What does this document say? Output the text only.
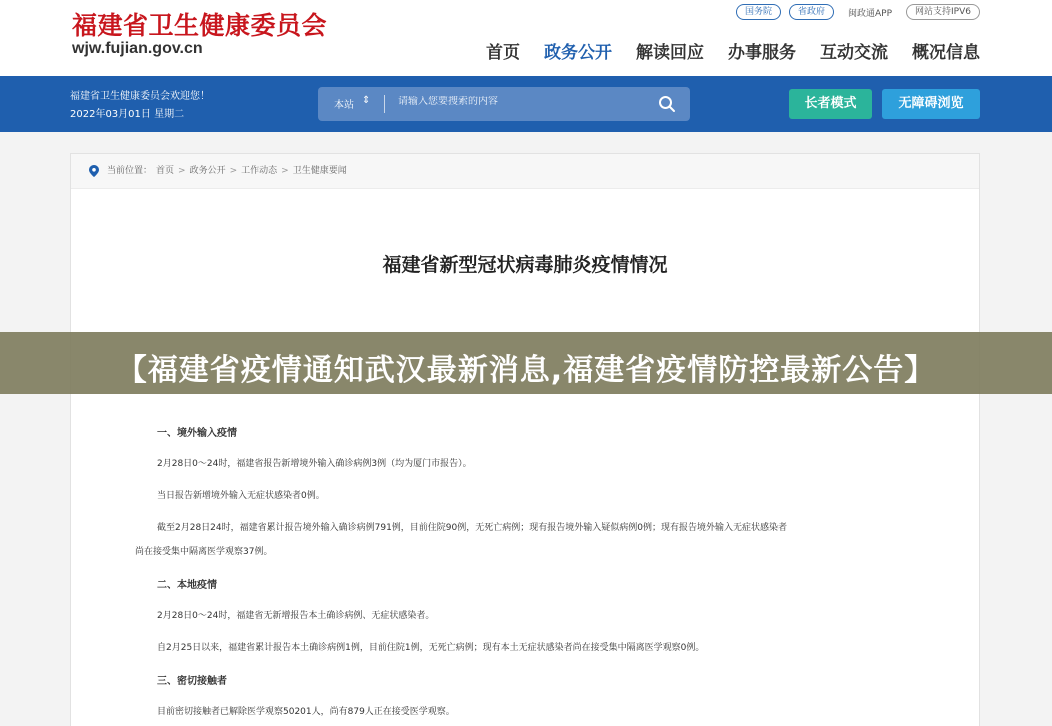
福建省卫生健康委员会
wjw.fujian.gov.cn
国务院	省政府	闽政通APP	网站支持IPV6
首页 政务公开 解读回应 办事服务 互动交流 概况信息
福建省卫生健康委员会欢迎您！
2022年03月01日 星期二
本站 ⇕
请输入您要搜索的内容	长者模式	无障碍浏览
当前位置： 首页 > 政务公开 > 工作动态 > 卫生健康要闻
福建省新型冠状病毒肺炎疫情情况
一、境外输入疫情
2月28日0～24时，福建省报告新增境外输入确诊病例3例（均为厦门市报告）。
当日报告新增境外输入无症状感染者0例。
截至2月28日24时，福建省累计报告境外输入确诊病例791例，目前住院90例，无死亡病例；现有报告境外输入疑似病例0例；现有报告境外输入无症状感染者
尚在接受集中隔离医学观察37例。
二、本地疫情
2月28日0～24时，福建省无新增报告本土确诊病例、无症状感染者。
自2月25日以来，福建省累计报告本土确诊病例1例，目前住院1例，无死亡病例；现有本土无症状感染者尚在接受集中隔离医学观察0例。
三、密切接触者
目前密切接触者已解除医学观察50201人，尚有879人正在接受医学观察。
【福建省疫情通知武汉最新消息,福建省疫情防控最新公告】
